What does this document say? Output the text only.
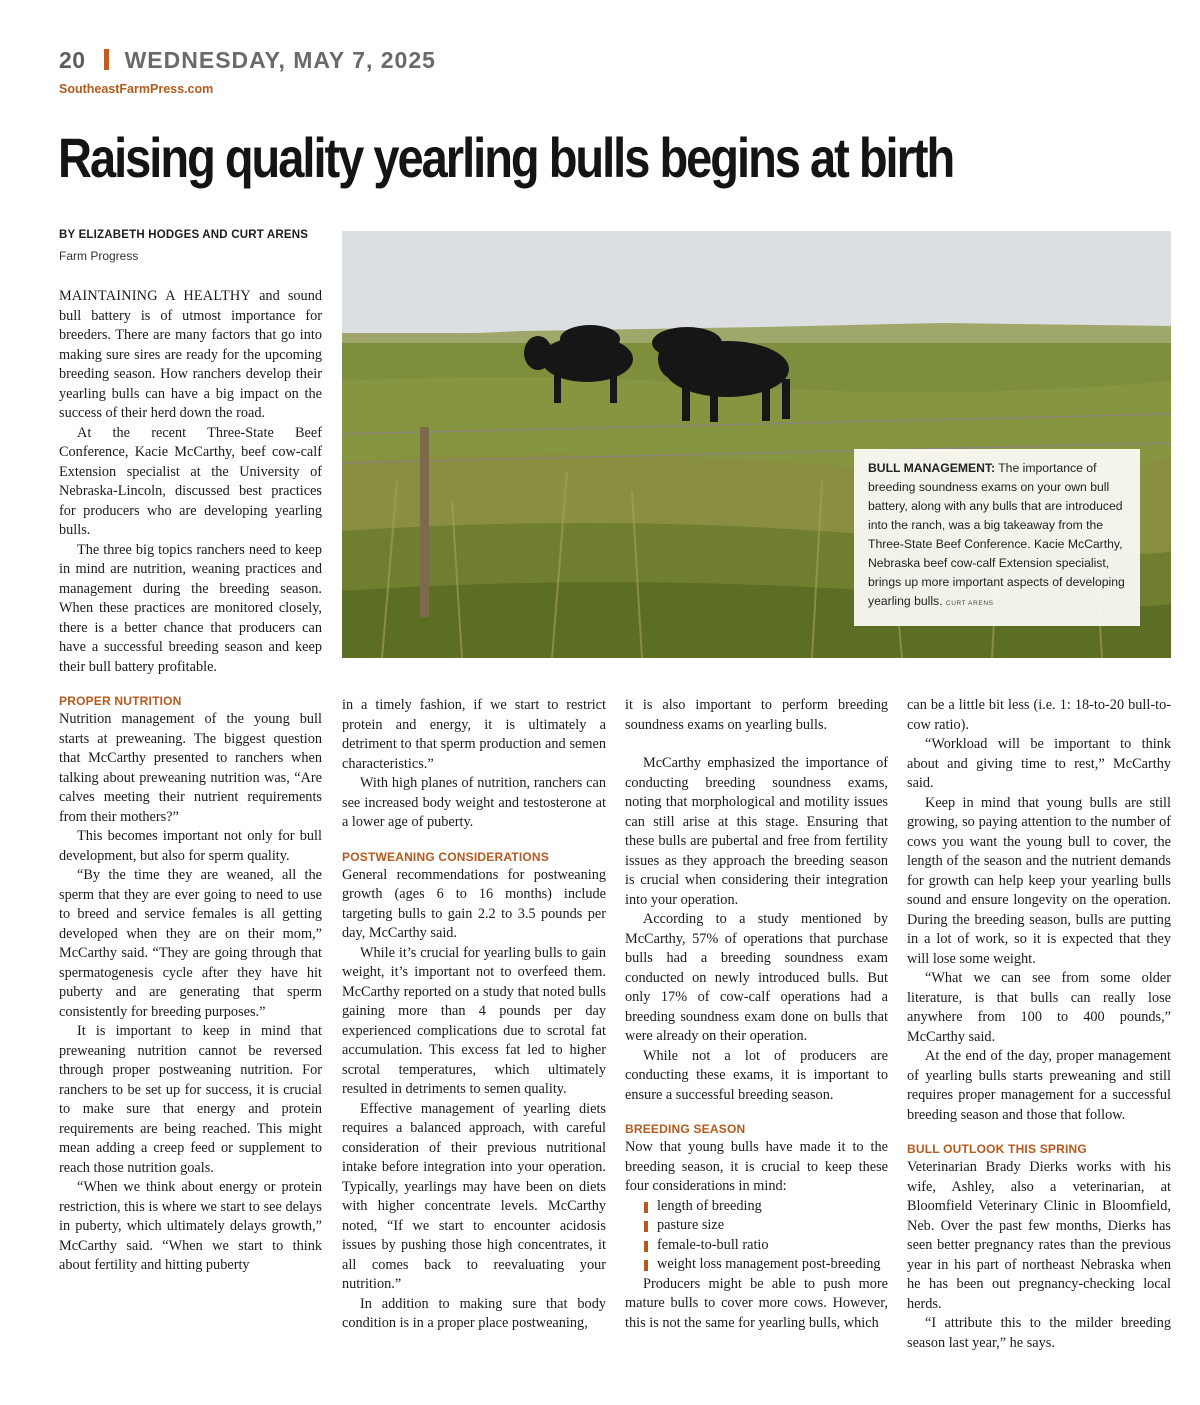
20 WEDNESDAY, MAY 7, 2025
SoutheastFarmPress.com
Raising quality yearling bulls begins at birth
BY ELIZABETH HODGES AND CURT ARENS
Farm Progress
BULL MANAGEMENT: The importance of breeding soundness exams on your own bull battery, along with any bulls that are introduced into the ranch, was a big takeaway from the Three-State Beef Conference. Kacie McCarthy, Nebraska beef cow-calf Extension specialist, brings up more important aspects of developing yearling bulls. CURT ARENS

MAINTAINING A HEALTHY and sound bull battery is of utmost importance for breeders. There are many factors that go into making sure sires are ready for the upcoming breeding season. How ranchers develop their yearling bulls can have a big impact on the success of their herd down the road.

At the recent Three-State Beef Conference, Kacie McCarthy, beef cow-calf Extension specialist at the University of Nebraska-Lincoln, discussed best practices for producers who are developing yearling bulls.

The three big topics ranchers need to keep in mind are nutrition, weaning practices and management during the breeding season. When these practices are monitored closely, there is a better chance that producers can have a successful breeding season and keep their bull battery profitable.

PROPER NUTRITION

Nutrition management of the young bull starts at preweaning. The biggest question that McCarthy presented to ranchers when talking about preweaning nutrition was, “Are calves meeting their nutrient requirements from their mothers?”

This becomes important not only for bull development, but also for sperm quality.

“By the time they are weaned, all the sperm that they are ever going to need to use to breed and service females is all getting developed when they are on their mom,” McCarthy said. “They are going through that spermatogenesis cycle after they have hit puberty and are generating that sperm consistently for breeding purposes.”

It is important to keep in mind that preweaning nutrition cannot be reversed through proper postweaning nutrition. For ranchers to be set up for success, it is crucial to make sure that energy and protein requirements are being reached. This might mean adding a creep feed or supplement to reach those nutrition goals.

“When we think about energy or protein restriction, this is where we start to see delays in puberty, which ultimately delays growth,” McCarthy said. “When we start to think about fertility and hitting puberty

in a timely fashion, if we start to restrict protein and energy, it is ultimately a detriment to that sperm production and semen characteristics.”

With high planes of nutrition, ranchers can see increased body weight and testosterone at a lower age of puberty.

POSTWEANING CONSIDERATIONS

General recommendations for postweaning growth (ages 6 to 16 months) include targeting bulls to gain 2.2 to 3.5 pounds per day, McCarthy said.

While it’s crucial for yearling bulls to gain weight, it’s important not to overfeed them. McCarthy reported on a study that noted bulls gaining more than 4 pounds per day experienced complications due to scrotal fat accumulation. This excess fat led to higher scrotal temperatures, which ultimately resulted in detriments to semen quality.

Effective management of yearling diets requires a balanced approach, with careful consideration of their previous nutritional intake before integration into your operation. Typically, yearlings may have been on diets with higher concentrate levels. McCarthy noted, “If we start to encounter acidosis issues by pushing those high concentrates, it all comes back to reevaluating your nutrition.”

In addition to making sure that body condition is in a proper place postweaning,

it is also important to perform breeding soundness exams on yearling bulls.

McCarthy emphasized the importance of conducting breeding soundness exams, noting that morphological and motility issues can still arise at this stage. Ensuring that these bulls are pubertal and free from fertility issues as they approach the breeding season is crucial when considering their integration into your operation.

According to a study mentioned by McCarthy, 57% of operations that purchase bulls had a breeding soundness exam conducted on newly introduced bulls. But only 17% of cow-calf operations had a breeding soundness exam done on bulls that were already on their operation.

While not a lot of producers are conducting these exams, it is important to ensure a successful breeding season.

BREEDING SEASON

Now that young bulls have made it to the breeding season, it is crucial to keep these four considerations in mind:

length of breeding
pasture size
female-to-bull ratio
weight loss management post-breeding

Producers might be able to push more mature bulls to cover more cows. However, this is not the same for yearling bulls, which

can be a little bit less (i.e. 1: 18-to-20 bull-to-cow ratio).

“Workload will be important to think about and giving time to rest,” McCarthy said.

Keep in mind that young bulls are still growing, so paying attention to the number of cows you want the young bull to cover, the length of the season and the nutrient demands for growth can help keep your yearling bulls sound and ensure longevity on the operation. During the breeding season, bulls are putting in a lot of work, so it is expected that they will lose some weight.

“What we can see from some older literature, is that bulls can really lose anywhere from 100 to 400 pounds,” McCarthy said.

At the end of the day, proper management of yearling bulls starts preweaning and still requires proper management for a successful breeding season and those that follow.

BULL OUTLOOK THIS SPRING

Veterinarian Brady Dierks works with his wife, Ashley, also a veterinarian, at Bloomfield Veterinary Clinic in Bloomfield, Neb. Over the past few months, Dierks has seen better pregnancy rates than the previous year in his part of northeast Nebraska when he has been out pregnancy-checking local herds.

“I attribute this to the milder breeding season last year,” he says.
